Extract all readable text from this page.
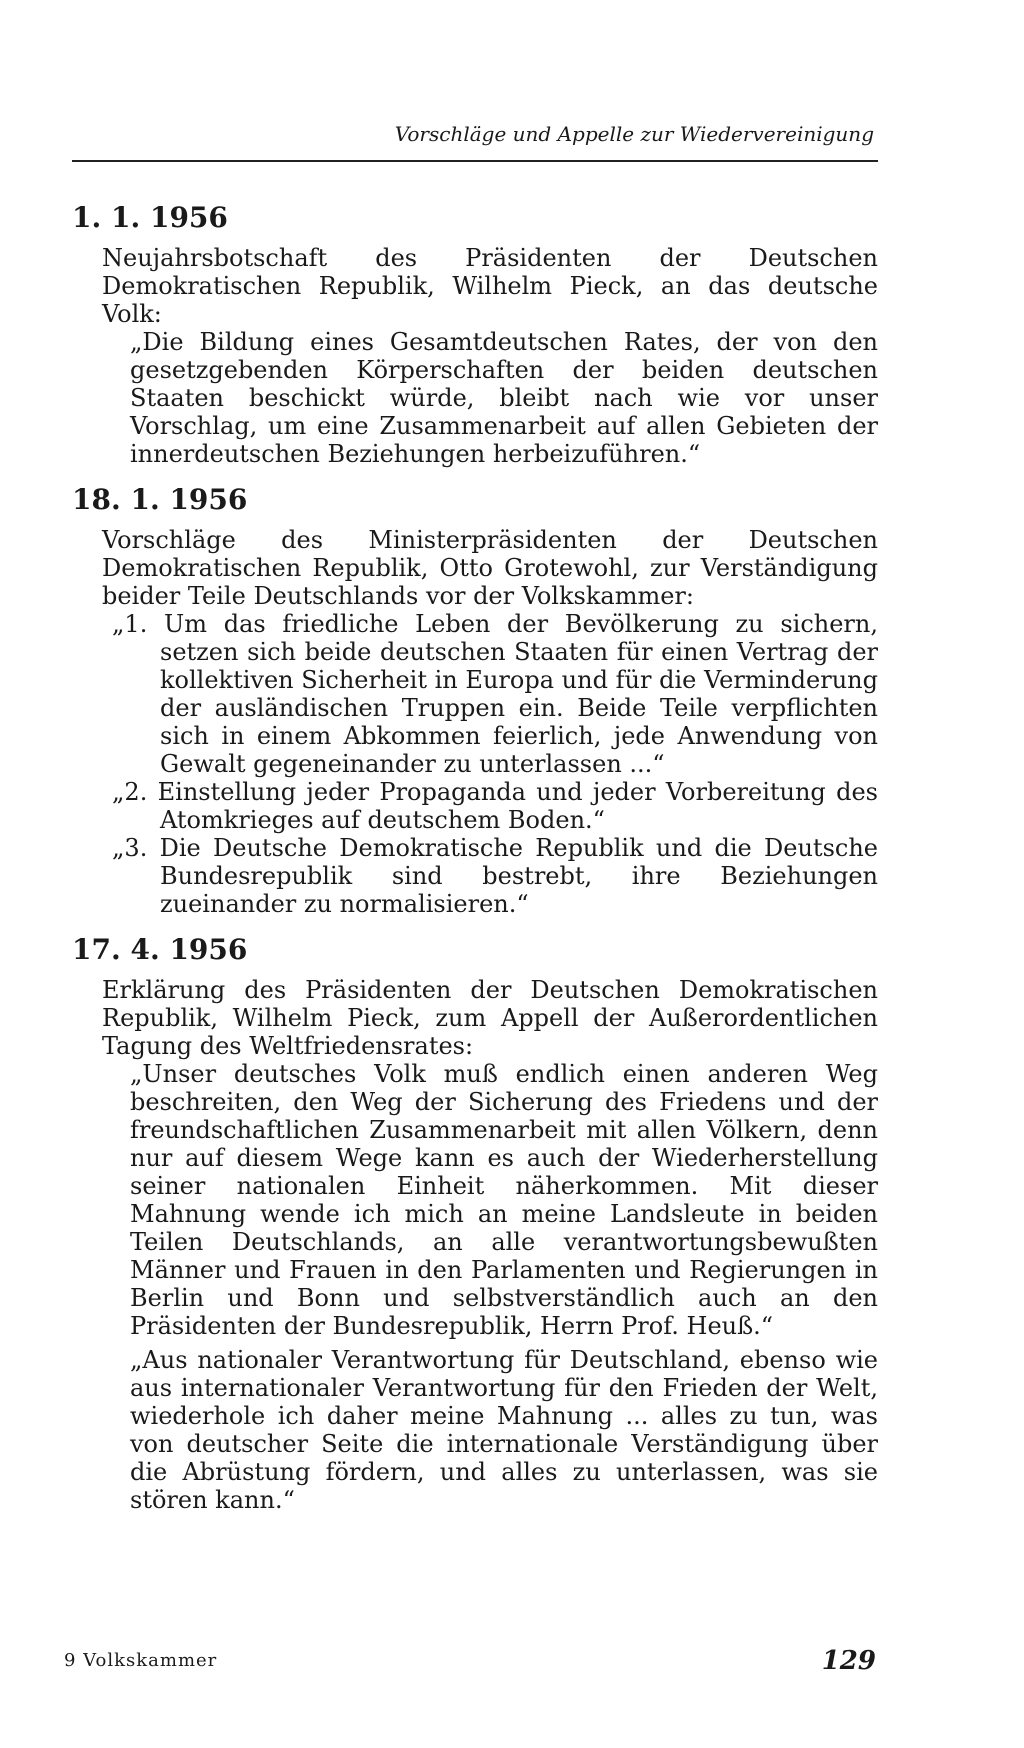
Vorschläge und Appelle zur Wiedervereinigung
1. 1. 1956
Neujahrsbotschaft des Präsidenten der Deutschen Demokratischen Republik, Wilhelm Pieck, an das deutsche Volk:
„Die Bildung eines Gesamtdeutschen Rates, der von den gesetzgebenden Körperschaften der beiden deutschen Staaten beschickt würde, bleibt nach wie vor unser Vorschlag, um eine Zusammenarbeit auf allen Gebieten der innerdeutschen Beziehungen herbeizuführen.“
18. 1. 1956
Vorschläge des Ministerpräsidenten der Deutschen Demokratischen Republik, Otto Grotewohl, zur Verständigung beider Teile Deutschlands vor der Volkskammer:
„1. Um das friedliche Leben der Bevölkerung zu sichern, setzen sich beide deutschen Staaten für einen Vertrag der kollektiven Sicherheit in Europa und für die Verminderung der ausländischen Truppen ein. Beide Teile verpflichten sich in einem Abkommen feierlich, jede Anwendung von Gewalt gegeneinander zu unterlassen ...“
„2. Einstellung jeder Propaganda und jeder Vorbereitung des Atomkrieges auf deutschem Boden.“
„3. Die Deutsche Demokratische Republik und die Deutsche Bundesrepublik sind bestrebt, ihre Beziehungen zueinander zu normalisieren.“
17. 4. 1956
Erklärung des Präsidenten der Deutschen Demokratischen Republik, Wilhelm Pieck, zum Appell der Außerordentlichen Tagung des Weltfriedensrates:
„Unser deutsches Volk muß endlich einen anderen Weg beschreiten, den Weg der Sicherung des Friedens und der freundschaftlichen Zusammenarbeit mit allen Völkern, denn nur auf diesem Wege kann es auch der Wiederherstellung seiner nationalen Einheit näherkommen. Mit dieser Mahnung wende ich mich an meine Landsleute in beiden Teilen Deutschlands, an alle verantwortungsbewußten Männer und Frauen in den Parlamenten und Regierungen in Berlin und Bonn und selbstverständlich auch an den Präsidenten der Bundesrepublik, Herrn Prof. Heuß.“
„Aus nationaler Verantwortung für Deutschland, ebenso wie aus internationaler Verantwortung für den Frieden der Welt, wiederhole ich daher meine Mahnung ... alles zu tun, was von deutscher Seite die internationale Verständigung über die Abrüstung fördern, und alles zu unterlassen, was sie stören kann.“
9 Volkskammer	129
